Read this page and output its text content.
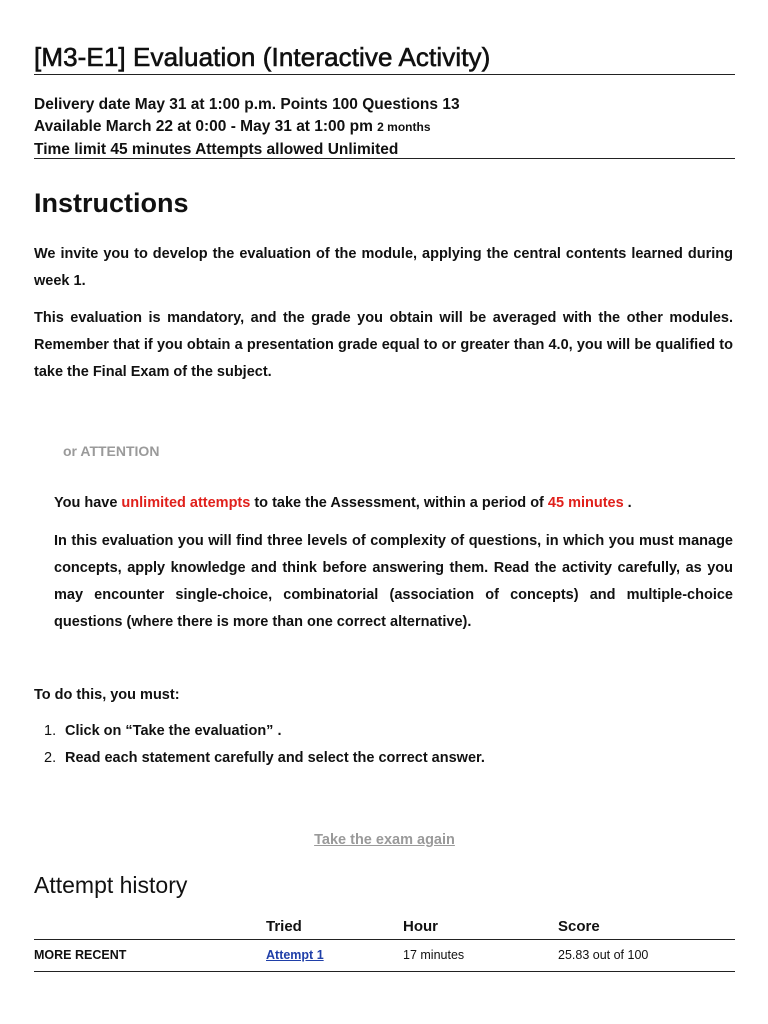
[M3-E1] Evaluation (Interactive Activity)
Delivery date May 31 at 1:00 p.m. Points 100 Questions 13
Available March 22 at 0:00 - May 31 at 1:00 pm 2 months
Time limit 45 minutes Attempts allowed Unlimited
Instructions

We invite you to develop the evaluation of the module, applying the central contents learned during week 1.

This evaluation is mandatory, and the grade you obtain will be averaged with the other modules. Remember that if you obtain a presentation grade equal to or greater than 4.0, you will be qualified to take the Final Exam of the subject.

or ATTENTION

You have unlimited attempts to take the Assessment, within a period of 45 minutes .

In this evaluation you will find three levels of complexity of questions, in which you must manage concepts, apply knowledge and think before answering them. Read the activity carefully, as you may encounter single-choice, combinatorial (association of concepts) and multiple-choice questions (where there is more than one correct alternative).

To do this, you must:

1. Click on “Take the evaluation” .
2. Read each statement carefully and select the correct answer.
Take the exam again
Attempt history
	Tried	Hour	Score
MORE RECENT	Attempt 1	17 minutes	25.83 out of 100
